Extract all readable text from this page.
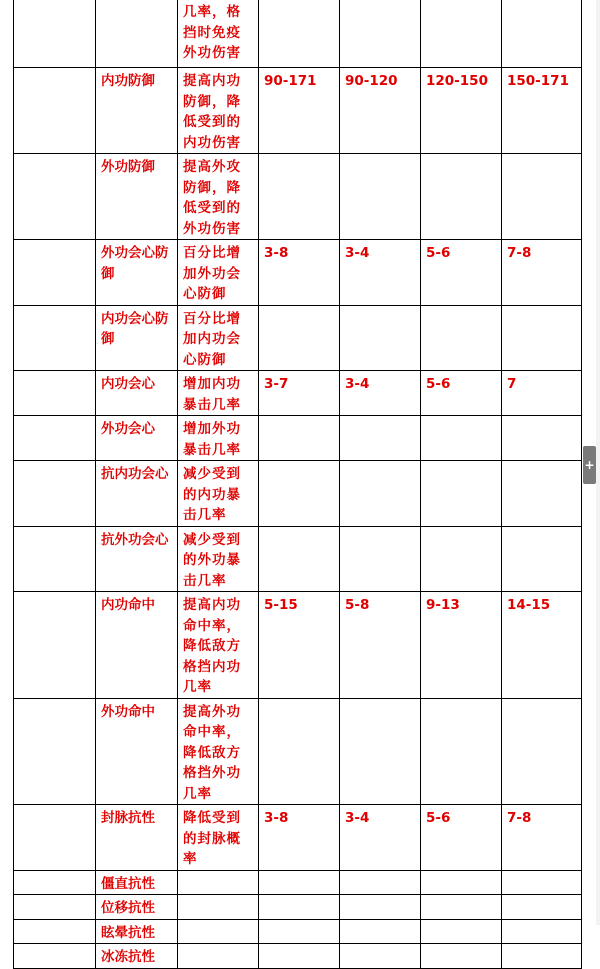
		几率，格挡时免疫外功伤害				
	内功防御	提高内功防御，降低受到的内功伤害	90-171	90-120	120-150	150-171
	外功防御	提高外攻防御，降低受到的外功伤害				
	外功会心防御	百分比增加外功会心防御	3-8	3-4	5-6	7-8
	内功会心防御	百分比增加内功会心防御				
	内功会心	增加内功暴击几率	3-7	3-4	5-6	7
	外功会心	增加外功暴击几率				
	抗内功会心	减少受到的内功暴击几率				
	抗外功会心	减少受到的外功暴击几率				
	内功命中	提高内功命中率，降低敌方格挡内功几率	5-15	5-8	9-13	14-15
	外功命中	提高外功命中率，降低敌方格挡外功几率				
	封脉抗性	降低受到的封脉概率	3-8	3-4	5-6	7-8
	僵直抗性					
	位移抗性					
	眩晕抗性					
	冰冻抗性					
+
